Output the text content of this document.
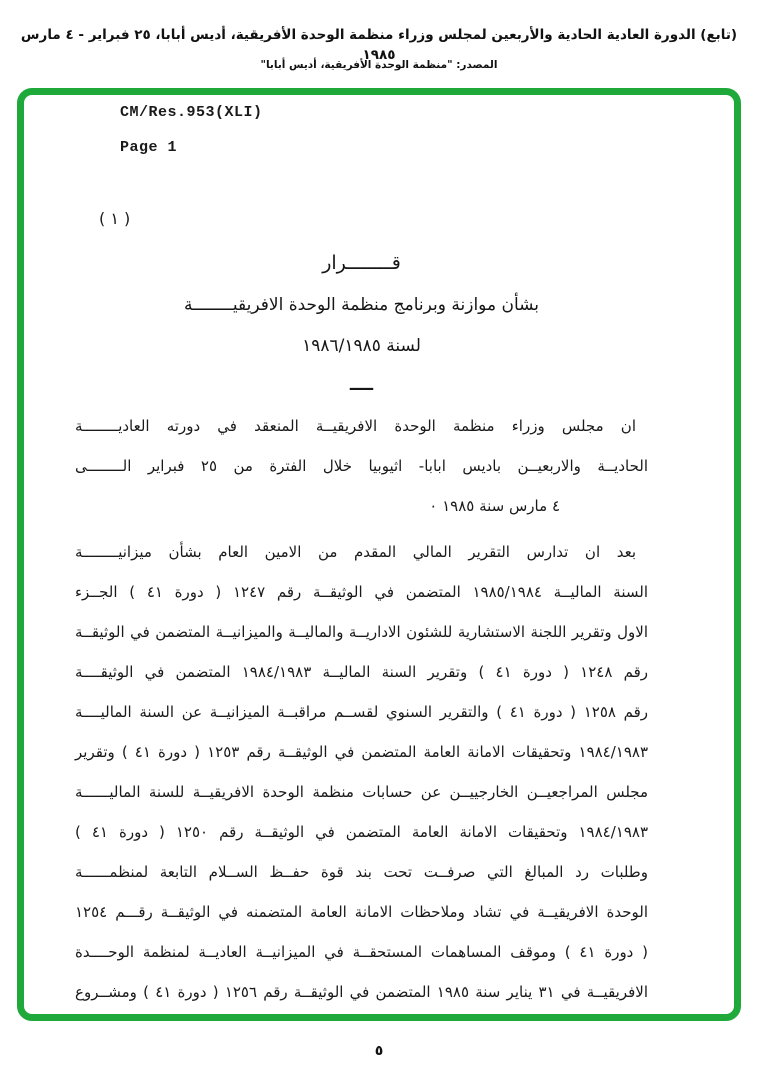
(تابع) الدورة العادية الحادية والأربعين لمجلس وزراء منظمة الوحدة الأفريقية، أديس أبابا، ٢٥ فبراير - ٤ مارس ١٩٨٥
المصدر: "منظمة الوحدة الأفريقية، أديس أبابا"
CM/Res.953(XLI)
Page 1
( ١ )
قــــــــرار
بشأن موازنة وبرنامج منظمة الوحدة الافريقيــــــــة
لسنة ١٩٨٦/١٩٨٥
ــــ
ان مجلس وزراء منظمة الوحدة الافريقيــة المنعقد في دورته العاديــــــــة
الحاديــة والاربعيــن باديس ابابا- اثيوبيا خلال الفترة من ٢٥ فبراير الــــــــى
٤ مارس سنة ١٩٨٥ ٠
بعد ان تدارس التقرير المالي المقدم من الامين العام بشأن ميزانيــــــــة
السنة الماليــة ١٩٨٥/١٩٨٤ المتضمن في الوثيقــة رقم ١٢٤٧ ( دورة ٤١ ) الجــزء
الاول وتقرير اللجنة الاستشارية للشئون الاداريــة والماليــة والميزانيــة المتضمن في الوثيقــة
رقم ١٢٤٨ ( دورة ٤١ ) وتقرير السنة الماليــة ١٩٨٤/١٩٨٣ المتضمن في الوثيقــــة
رقم ١٢٥٨ ( دورة ٤١ ) والتقرير السنوي لقســم مراقبــة الميزانيــة عن السنة الماليــــة
١٩٨٤/١٩٨٣ وتحقيقات الامانة العامة المتضمن في الوثيقــة رقم ١٢٥٣ ( دورة ٤١ ) وتقرير
مجلس المراجعيــن الخارجييــن عن حسابات منظمة الوحدة الافريقيــة للسنة الماليــــــة
١٩٨٤/١٩٨٣ وتحقيقات الامانة العامة المتضمن في الوثيقــة رقم ١٢٥٠ ( دورة ٤١ )
وطلبات رد المبالغ التي صرفــت تحت بند قوة حفــظ الســلام التابعة لمنظمــــــة
الوحدة الافريقيــة في تشاد وملاحظات الامانة العامة المتضمنه في الوثيقــة رقـــم ١٢٥٤
( دورة ٤١ ) وموقف المساهمات المستحقــة في الميزانيــة العاديــة لمنظمة الوحــــدة
الافريقيــة في ٣١ يناير سنة ١٩٨٥ المتضمن في الوثيقــة رقم ١٢٥٦ ( دورة ٤١ ) ومشــروع
٥
